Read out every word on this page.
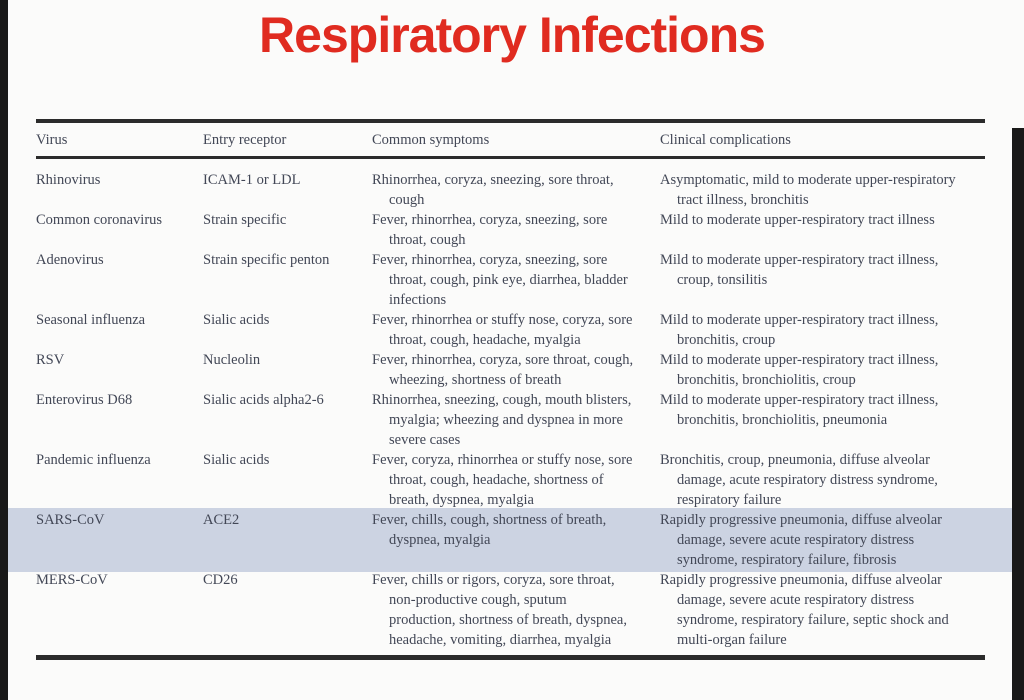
Respiratory Infections
Virus	Entry receptor	Common symptoms	Clinical complications
Rhinovirus	ICAM-1 or LDL	Rhinorrhea, coryza, sneezing, sore throat, cough	Asymptomatic, mild to moderate upper-respiratory tract illness, bronchitis

Common coronavirus	Strain specific	Fever, rhinorrhea, coryza, sneezing, sore throat, cough	Mild to moderate upper-respiratory tract illness

Adenovirus	Strain specific penton	Fever, rhinorrhea, coryza, sneezing, sore throat, cough, pink eye, diarrhea, bladder infections	Mild to moderate upper-respiratory tract illness, croup, tonsilitis

Seasonal influenza	Sialic acids	Fever, rhinorrhea or stuffy nose, coryza, sore throat, cough, headache, myalgia	Mild to moderate upper-respiratory tract illness, bronchitis, croup

RSV	Nucleolin	Fever, rhinorrhea, coryza, sore throat, cough, wheezing, shortness of breath	Mild to moderate upper-respiratory tract illness, bronchitis, bronchiolitis, croup

Enterovirus D68	Sialic acids alpha2-6	Rhinorrhea, sneezing, cough, mouth blisters, myalgia; wheezing and dyspnea in more severe cases	Mild to moderate upper-respiratory tract illness, bronchitis, bronchiolitis, pneumonia

Pandemic influenza	Sialic acids	Fever, coryza, rhinorrhea or stuffy nose, sore throat, cough, headache, shortness of breath, dyspnea, myalgia	Bronchitis, croup, pneumonia, diffuse alveolar damage, acute respiratory distress syndrome, respiratory failure

SARS-CoV	ACE2	Fever, chills, cough, shortness of breath, dyspnea, myalgia	Rapidly progressive pneumonia, diffuse alveolar damage, severe acute respiratory distress syndrome, respiratory failure, fibrosis

MERS-CoV	CD26	Fever, chills or rigors, coryza, sore throat, non-productive cough, sputum production, shortness of breath, dyspnea, headache, vomiting, diarrhea, myalgia	Rapidly progressive pneumonia, diffuse alveolar damage, severe acute respiratory distress syndrome, respiratory failure, septic shock and multi-organ failure
